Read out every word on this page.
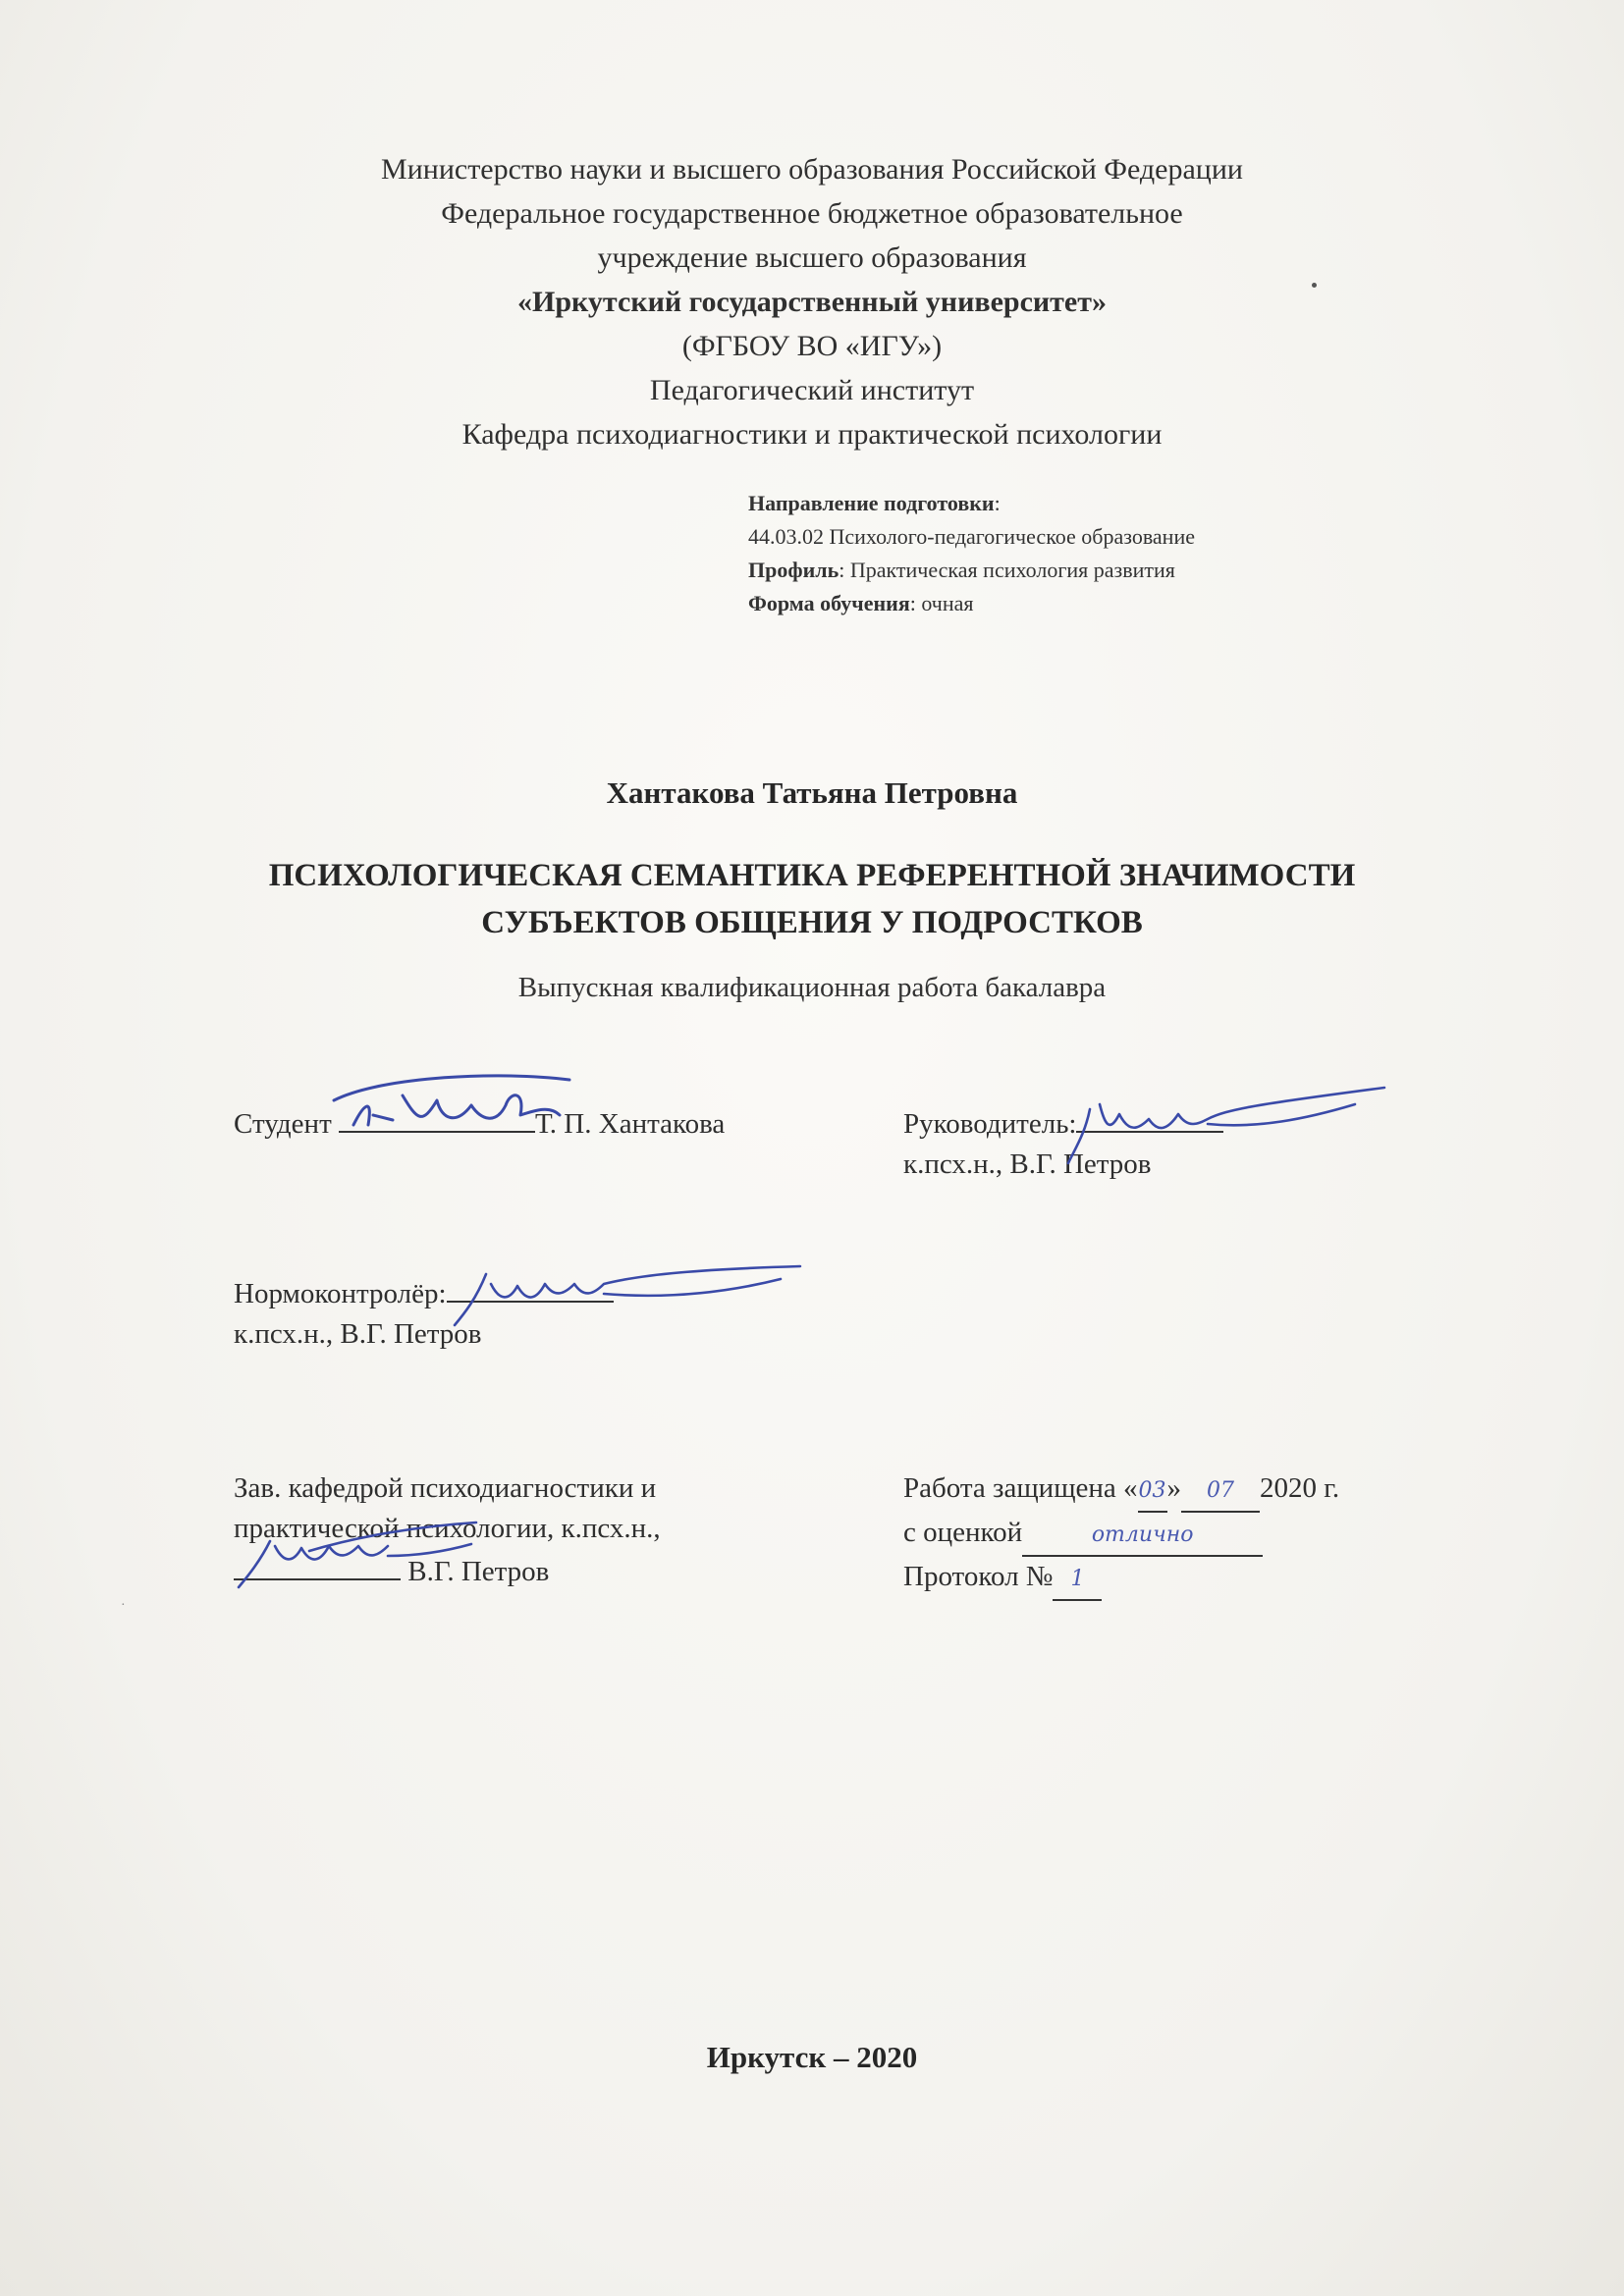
Министерство науки и высшего образования Российской Федерации
Федеральное государственное бюджетное образовательное
учреждение высшего образования
«Иркутский государственный университет»
(ФГБОУ ВО «ИГУ»)
Педагогический институт
Кафедра психодиагностики и практической психологии
Направление подготовки:
44.03.02 Психолого-педагогическое образование
Профиль: Практическая психология развития
Форма обучения: очная
Хантакова Татьяна Петровна
ПСИХОЛОГИЧЕСКАЯ СЕМАНТИКА РЕФЕРЕНТНОЙ ЗНАЧИМОСТИ
СУБЪЕКТОВ ОБЩЕНИЯ У ПОДРОСТКОВ
Выпускная квалификационная работа бакалавра
Студент	Т. П. Хантакова	Руководитель:
к.псх.н., В.Г. Петров
Нормоконтролёр:
к.псх.н., В.Г. Петров
Зав. кафедрой психодиагностики и
практической психологии, к.псх.н.,
В.Г. Петров
Работа защищена «03» 07 2020 г.
с оценкой	отлично
Протокол № 1
·
Иркутск – 2020
